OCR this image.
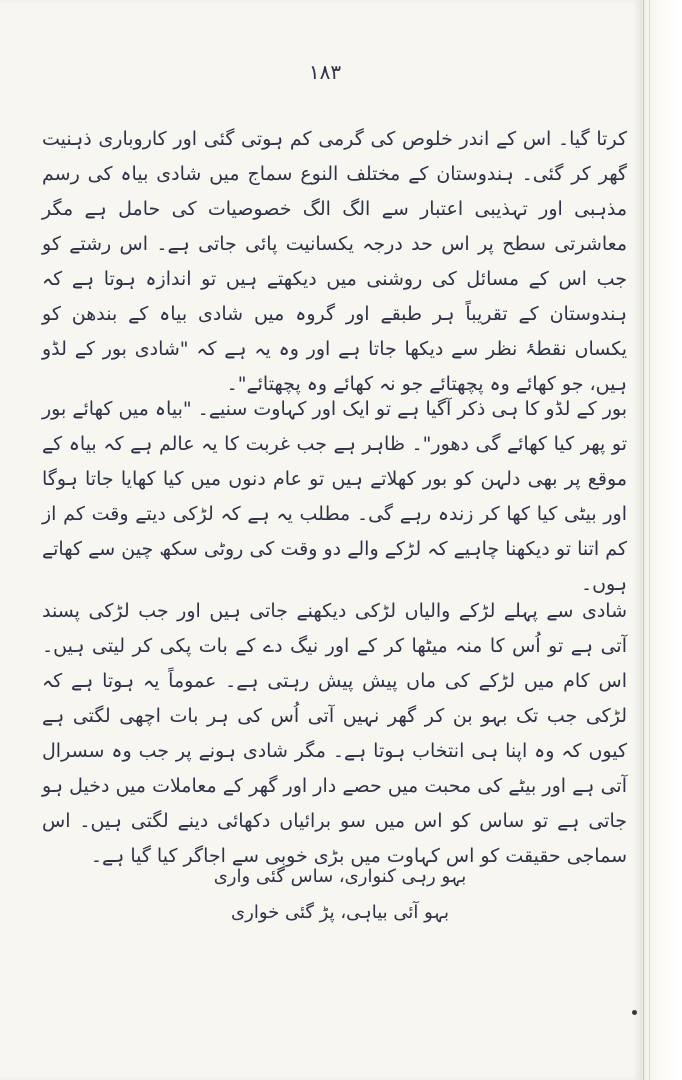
۱۸۳

کرتا گیا۔ اس کے اندر خلوص کی گرمی کم ہوتی گئی اور کاروباری ذہنیت گھر کر گئی۔ ہندوستان کے مختلف النوع سماج میں شادی بیاہ کی رسم مذہبی اور تہذیبی اعتبار سے الگ الگ خصوصیات کی حامل ہے مگر معاشرتی سطح پر اس حد درجہ یکسانیت پائی جاتی ہے۔ اس رشتے کو جب اس کے مسائل کی روشنی میں دیکھتے ہیں تو اندازہ ہوتا ہے کہ ہندوستان کے تقریباً ہر طبقے اور گروہ میں شادی بیاہ کے بندھن کو یکساں نقطۂ نظر سے دیکھا جاتا ہے اور وہ یہ ہے کہ "شادی بور کے لڈو ہیں، جو کھائے وہ پچھتائے جو نہ کھائے وہ پچھتائے"۔

بور کے لڈو کا ہی ذکر آگیا ہے تو ایک اور کہاوت سنیے۔ "بیاہ میں کھائے بور تو پھر کیا کھائے گی دھور"۔ ظاہر ہے جب غربت کا یہ عالم ہے کہ بیاہ کے موقع پر بھی دلہن کو بور کھلاتے ہیں تو عام دنوں میں کیا کھایا جاتا ہوگا اور بیٹی کیا کھا کر زندہ رہے گی۔ مطلب یہ ہے کہ لڑکی دیتے وقت کم از کم اتنا تو دیکھنا چاہیے کہ لڑکے والے دو وقت کی روٹی سکھ چین سے کھاتے ہوں۔

شادی سے پہلے لڑکے والیاں لڑکی دیکھنے جاتی ہیں اور جب لڑکی پسند آتی ہے تو اُس کا منہ میٹھا کر کے اور نیگ دے کے بات پکی کر لیتی ہیں۔ اس کام میں لڑکے کی ماں پیش پیش رہتی ہے۔ عموماً یہ ہوتا ہے کہ لڑکی جب تک بہو بن کر گھر نہیں آتی اُس کی ہر بات اچھی لگتی ہے کیوں کہ وہ اپنا ہی انتخاب ہوتا ہے۔ مگر شادی ہونے پر جب وہ سسرال آتی ہے اور بیٹے کی محبت میں حصے دار اور گھر کے معاملات میں دخیل ہو جاتی ہے تو ساس کو اس میں سو برائیاں دکھائی دینے لگتی ہیں۔ اس سماجی حقیقت کو اس کہاوت میں بڑی خوبی سے اجاگر کیا گیا ہے۔

بہو رہی کنواری، ساس گئی واری
بہو آئی بیاہی، پڑ گئی خواری
